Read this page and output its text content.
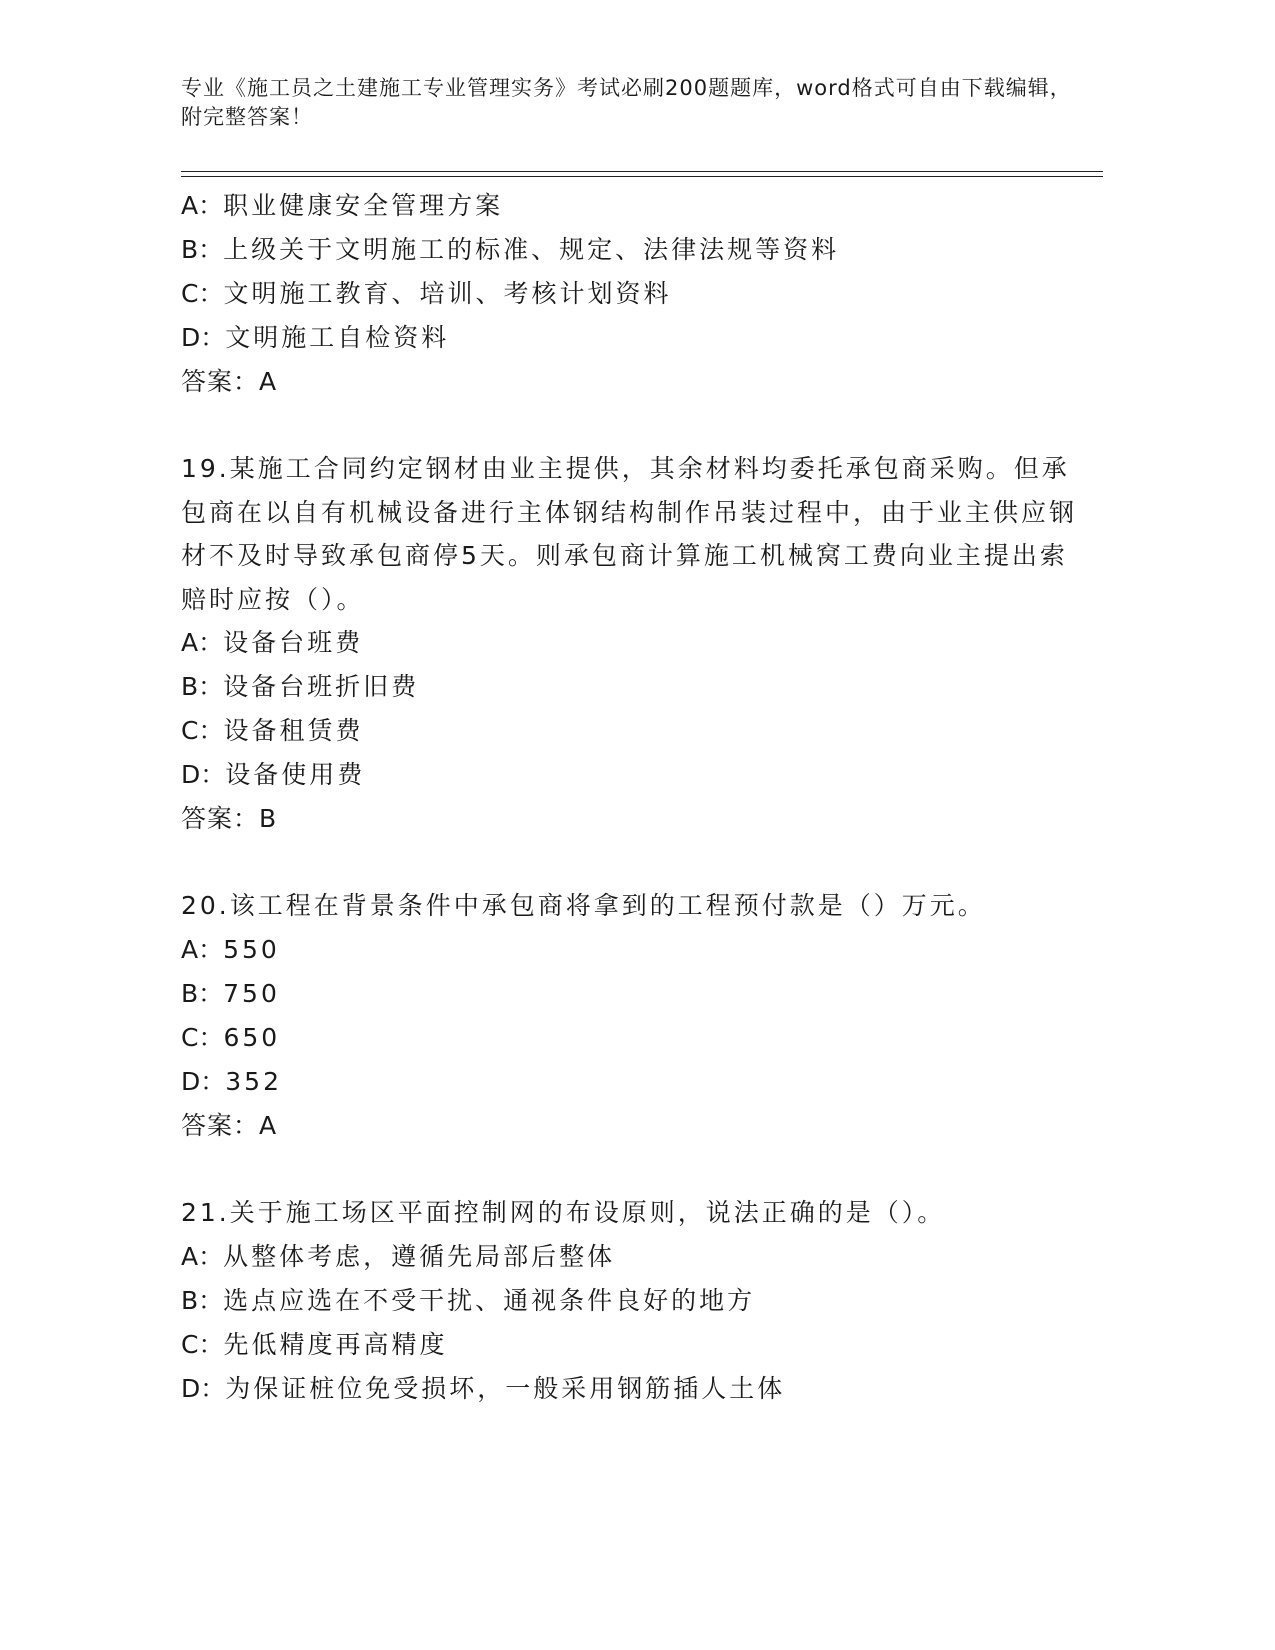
专业《施工员之土建施工专业管理实务》考试必刷200题题库，word格式可自由下载编辑，附完整答案！
A：职业健康安全管理方案
B：上级关于文明施工的标准、规定、法律法规等资料
C：文明施工教育、培训、考核计划资料
D：文明施工自检资料
答案：A
19.某施工合同约定钢材由业主提供，其余材料均委托承包商采购。但承包商在以自有机械设备进行主体钢结构制作吊装过程中，由于业主供应钢材不及时导致承包商停5天。则承包商计算施工机械窝工费向业主提出索赔时应按（）。
A：设备台班费
B：设备台班折旧费
C：设备租赁费
D：设备使用费
答案：B
20.该工程在背景条件中承包商将拿到的工程预付款是（）万元。
A：550
B：750
C：650
D：352
答案：A
21.关于施工场区平面控制网的布设原则，说法正确的是（）。
A：从整体考虑，遵循先局部后整体
B：选点应选在不受干扰、通视条件良好的地方
C：先低精度再高精度
D：为保证桩位免受损坏，一般采用钢筋插人土体
